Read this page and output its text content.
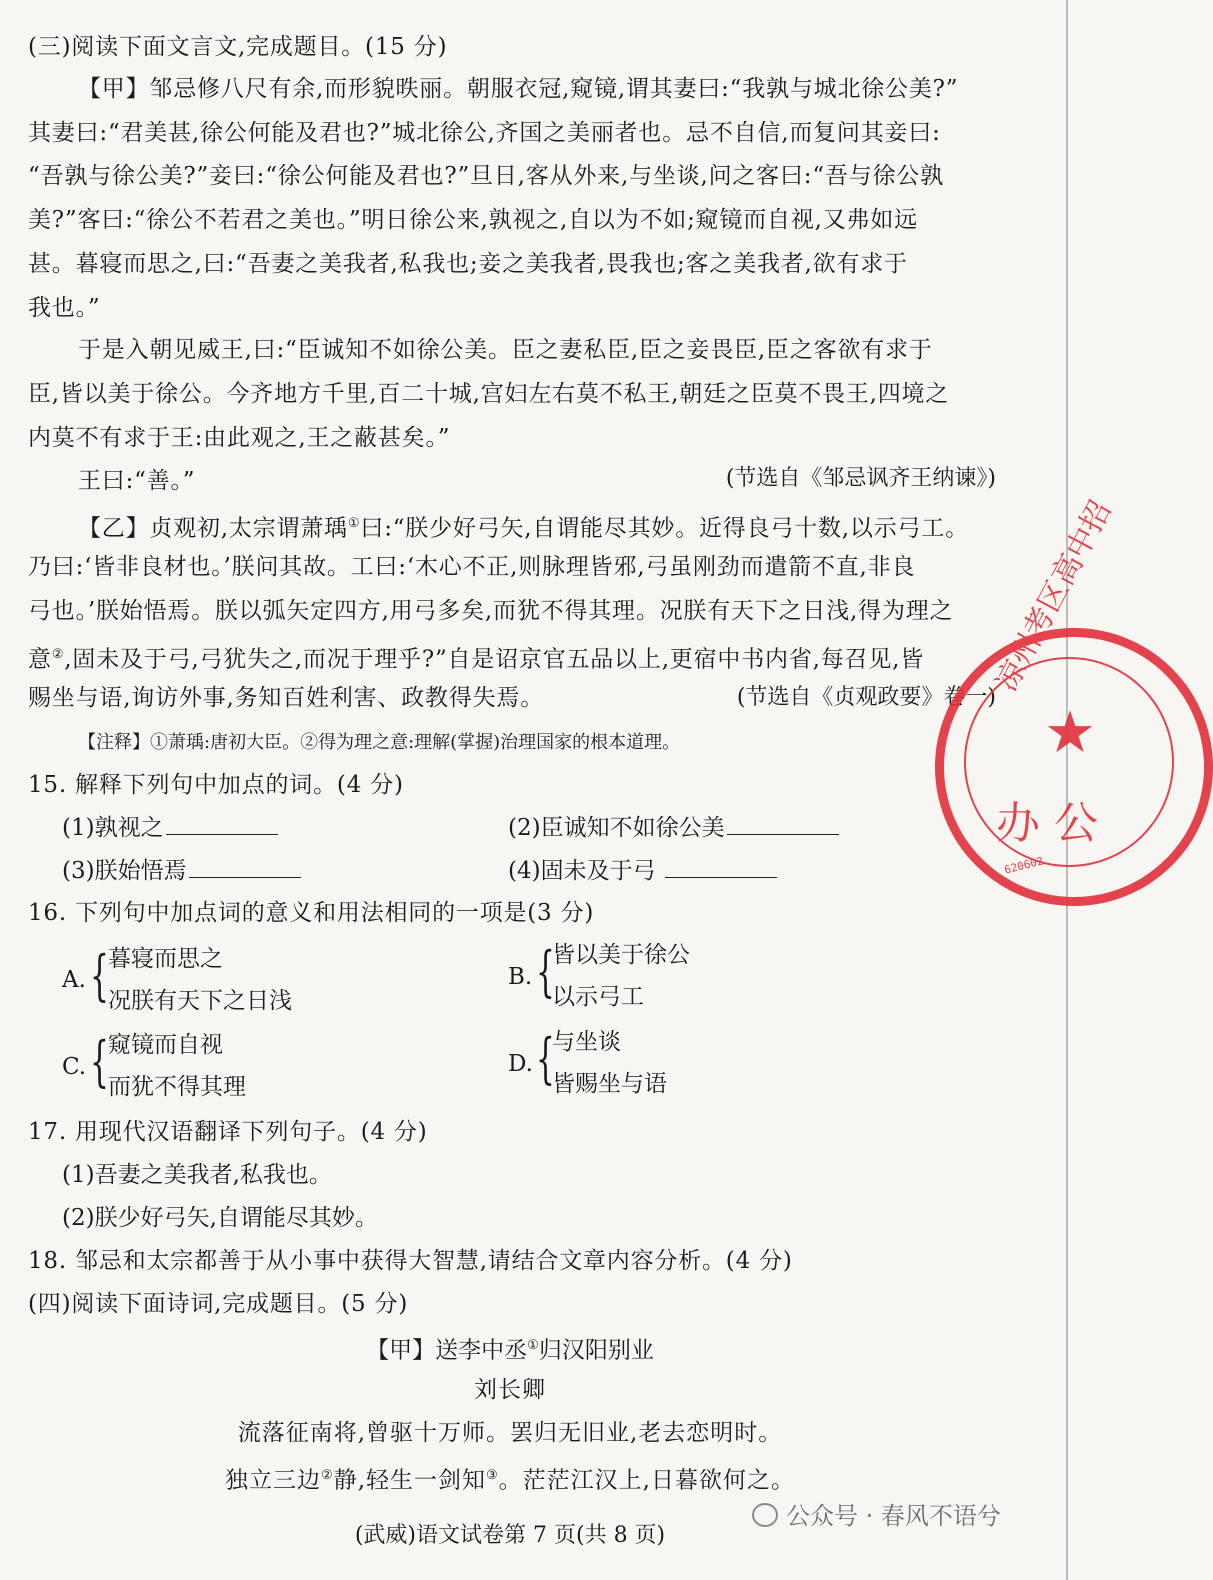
(三)阅读下面文言文,完成题目。(15 分)
【甲】邹忌修八尺有余,而形貌昳丽。朝服衣冠,窥镜,谓其妻曰:“我孰与城北徐公美?”
其妻曰:“君美甚,徐公何能及君也?”城北徐公,齐国之美丽者也。忌不自信,而复问其妾曰:
“吾孰与徐公美?”妾曰:“徐公何能及君也?”旦日,客从外来,与坐谈,问之客曰:“吾与徐公孰
美?”客曰:“徐公不若君之美也。”明日徐公来,孰视之,自以为不如;窥镜而自视,又弗如远
甚。暮寝而思之,曰:“吾妻之美我者,私我也;妾之美我者,畏我也;客之美我者,欲有求于
我也。”
于是入朝见威王,曰:“臣诚知不如徐公美。臣之妻私臣,臣之妾畏臣,臣之客欲有求于
臣,皆以美于徐公。今齐地方千里,百二十城,宫妇左右莫不私王,朝廷之臣莫不畏王,四境之
内莫不有求于王:由此观之,王之蔽甚矣。”
王曰:“善。”	(节选自《邹忌讽齐王纳谏》)
【乙】贞观初,太宗谓萧瑀①曰:“朕少好弓矢,自谓能尽其妙。近得良弓十数,以示弓工。
乃曰:‘皆非良材也。’朕问其故。工曰:‘木心不正,则脉理皆邪,弓虽刚劲而遣箭不直,非良
弓也。’朕始悟焉。朕以弧矢定四方,用弓多矣,而犹不得其理。况朕有天下之日浅,得为理之
意②,固未及于弓,弓犹失之,而况于理乎?”自是诏京官五品以上,更宿中书内省,每召见,皆
赐坐与语,询访外事,务知百姓利害、政教得失焉。	(节选自《贞观政要》卷一)
【注释】①萧瑀:唐初大臣。②得为理之意:理解(掌握)治理国家的根本道理。
15. 解释下列句中加点的词。(4 分)
(1)孰视之	(2)臣诚知不如徐公美
(3)朕始悟焉	(4)固未及于弓
16. 下列句中加点词的意义和用法相同的一项是(3 分)
A. { 暮寝而思之
况朕有天下之日浅
B. {
皆以美于徐公
以示弓工
C. { 窥镜而自视
而犹不得其理
D. {
与坐谈
皆赐坐与语
17. 用现代汉语翻译下列句子。(4 分)
(1)吾妻之美我者,私我也。
(2)朕少好弓矢,自谓能尽其妙。
18. 邹忌和太宗都善于从小事中获得大智慧,请结合文章内容分析。(4 分)
(四)阅读下面诗词,完成题目。(5 分)
【甲】送李中丞①归汉阳别业
刘长卿
流落征南将,曾驱十万师。罢归无旧业,老去恋明时。
独立三边②静,轻生一剑知③。茫茫江汉上,日暮欲何之。
(武威)语文试卷第 7 页(共 8 页)
公众号 · 春风不语兮
凉州考区高中招
★
办 公
620602
